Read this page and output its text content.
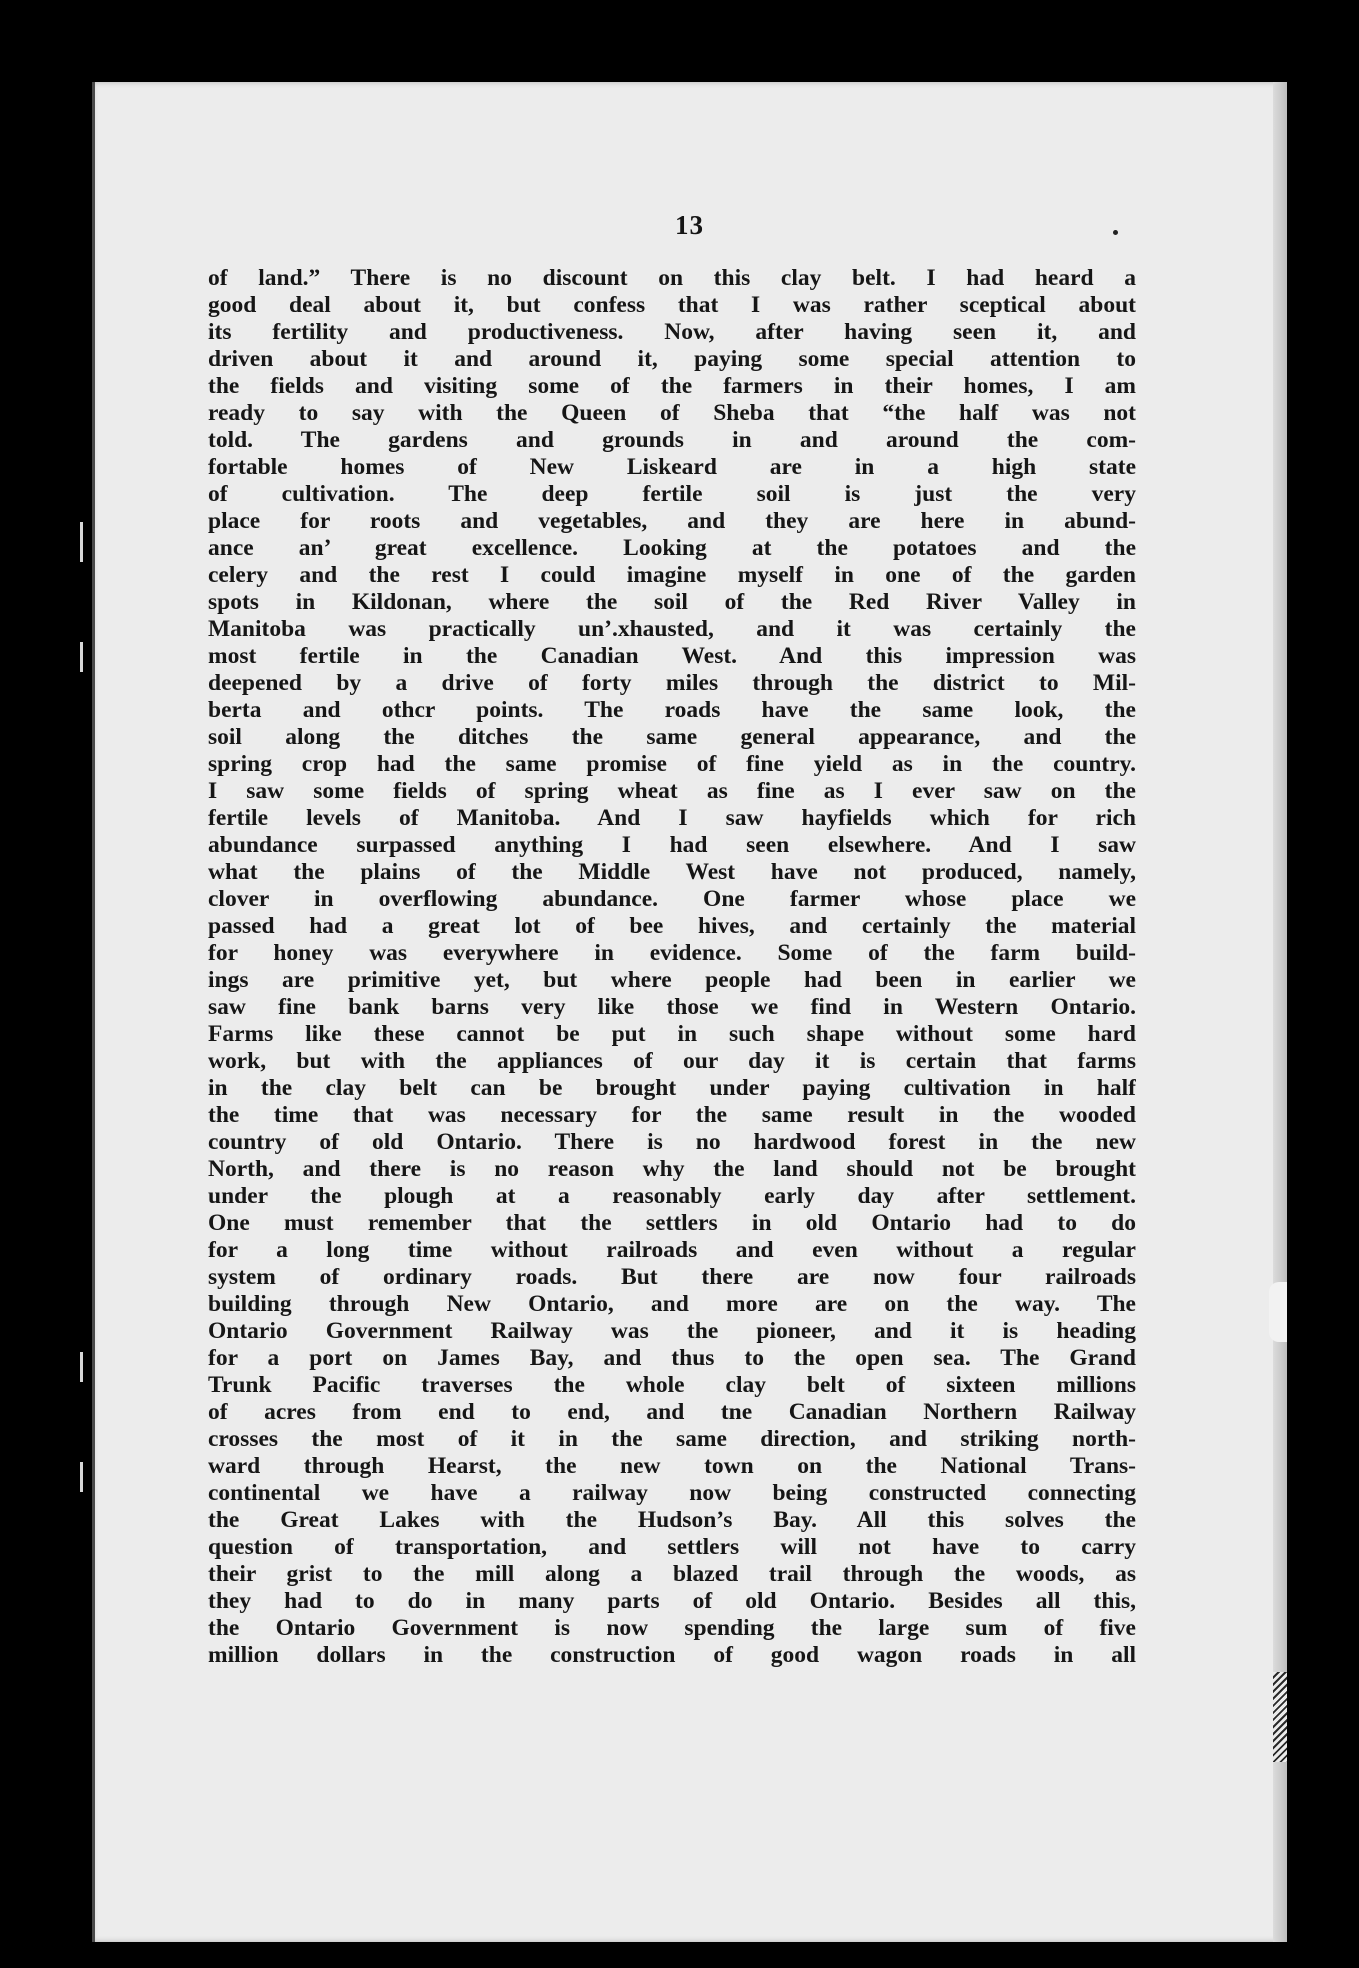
13
of land.” There is no discount on this clay belt. I had heard a
good deal about it, but confess that I was rather sceptical about
its fertility and productiveness. Now, after having seen it, and
driven about it and around it, paying some special attention to
the fields and visiting some of the farmers in their homes, I am
ready to say with the Queen of Sheba that “the half was not
told. The gardens and grounds in and around the com-
fortable homes of New Liskeard are in a high state
of cultivation. The deep fertile soil is just the very
place for roots and vegetables, and they are here in abund-
ance an’ great excellence. Looking at the potatoes and the
celery and the rest I could imagine myself in one of the garden
spots in Kildonan, where the soil of the Red River Valley in
Manitoba was practically un’.xhausted, and it was certainly the
most fertile in the Canadian West. And this impression was
deepened by a drive of forty miles through the district to Mil-
berta and othcr points. The roads have the same look, the
soil along the ditches the same general appearance, and the
spring crop had the same promise of fine yield as in the country.
I saw some fields of spring wheat as fine as I ever saw on the
fertile levels of Manitoba. And I saw hayfields which for rich
abundance surpassed anything I had seen elsewhere. And I saw
what the plains of the Middle West have not produced, namely,
clover in overflowing abundance. One farmer whose place we
passed had a great lot of bee hives, and certainly the material
for honey was everywhere in evidence. Some of the farm build-
ings are primitive yet, but where people had been in earlier we
saw fine bank barns very like those we find in Western Ontario.
Farms like these cannot be put in such shape without some hard
work, but with the appliances of our day it is certain that farms
in the clay belt can be brought under paying cultivation in half
the time that was necessary for the same result in the wooded
country of old Ontario. There is no hardwood forest in the new
North, and there is no reason why the land should not be brought
under the plough at a reasonably early day after settlement.
One must remember that the settlers in old Ontario had to do
for a long time without railroads and even without a regular
system of ordinary roads. But there are now four railroads
building through New Ontario, and more are on the way. The
Ontario Government Railway was the pioneer, and it is heading
for a port on James Bay, and thus to the open sea. The Grand
Trunk Pacific traverses the whole clay belt of sixteen millions
of acres from end to end, and tne Canadian Northern Railway
crosses the most of it in the same direction, and striking north-
ward through Hearst, the new town on the National Trans-
continental we have a railway now being constructed connecting
the Great Lakes with the Hudson’s Bay. All this solves the
question of transportation, and settlers will not have to carry
their grist to the mill along a blazed trail through the woods, as
they had to do in many parts of old Ontario. Besides all this,
the Ontario Government is now spending the large sum of five
million dollars in the construction of good wagon roads in all
